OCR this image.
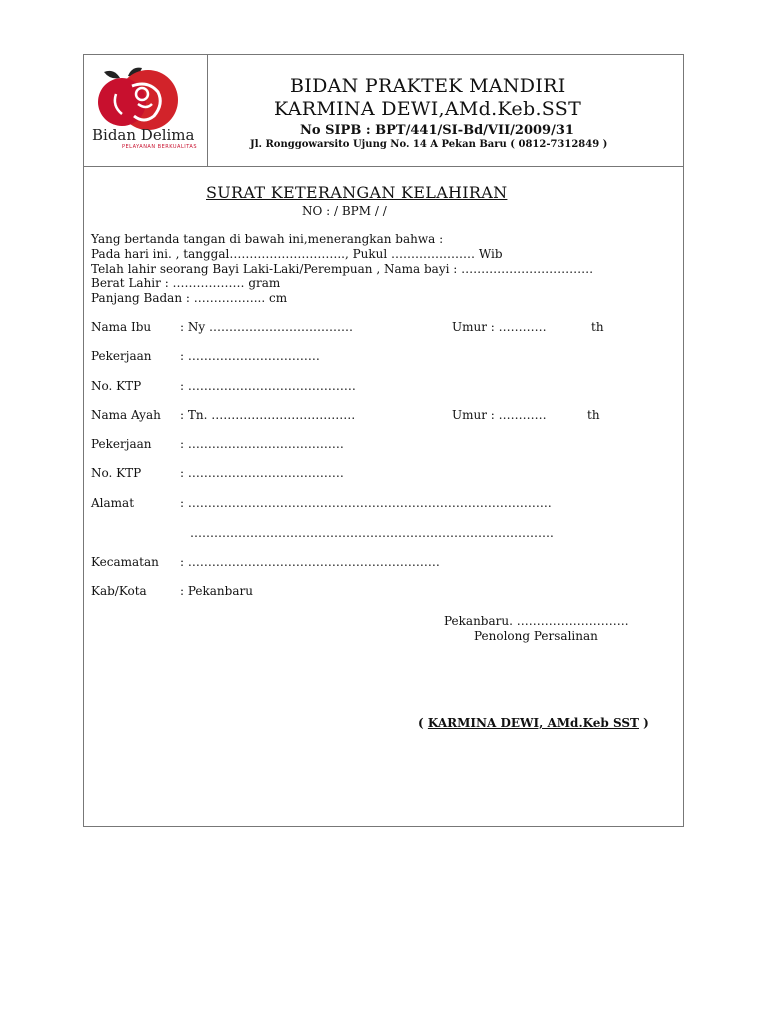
Bidan Delima
PELAYANAN BERKUALITAS
BIDAN PRAKTEK MANDIRI
KARMINA DEWI,AMd.Keb.SST
No SIPB : BPT/441/SI-Bd/VII/2009/31
Jl. Ronggowarsito Ujung No. 14 A Pekan Baru ( 0812-7312849 )
SURAT KETERANGAN KELAHIRAN
NO : / BPM / /
Yang bertanda tangan di bawah ini,menerangkan bahwa :
Pada hari ini. , tanggal……………………….., Pukul ………………… Wib
Telah lahir seorang Bayi Laki-Laki/Perempuan , Nama bayi : ……………………………
Berat Lahir : ……………… gram
Panjang Badan : ……………... cm
Nama Ibu : Ny ………………………………	Umur : …………	th
Pekerjaan : ……………………………
No. KTP	: ……………………………………
Nama Ayah : Tn. ………………………………	Umur : …………	th
Pekerjaan : …………………………………
No. KTP	: …………………………………
Alamat	: ……………………………………………………………………………….
……………………………………………………………………………….
Kecamatan : ………………………………………………………
Kab/Kota	: Pekanbaru
Pekanbaru. ……………………….
Penolong Persalinan
( KARMINA DEWI, AMd.Keb SST )
